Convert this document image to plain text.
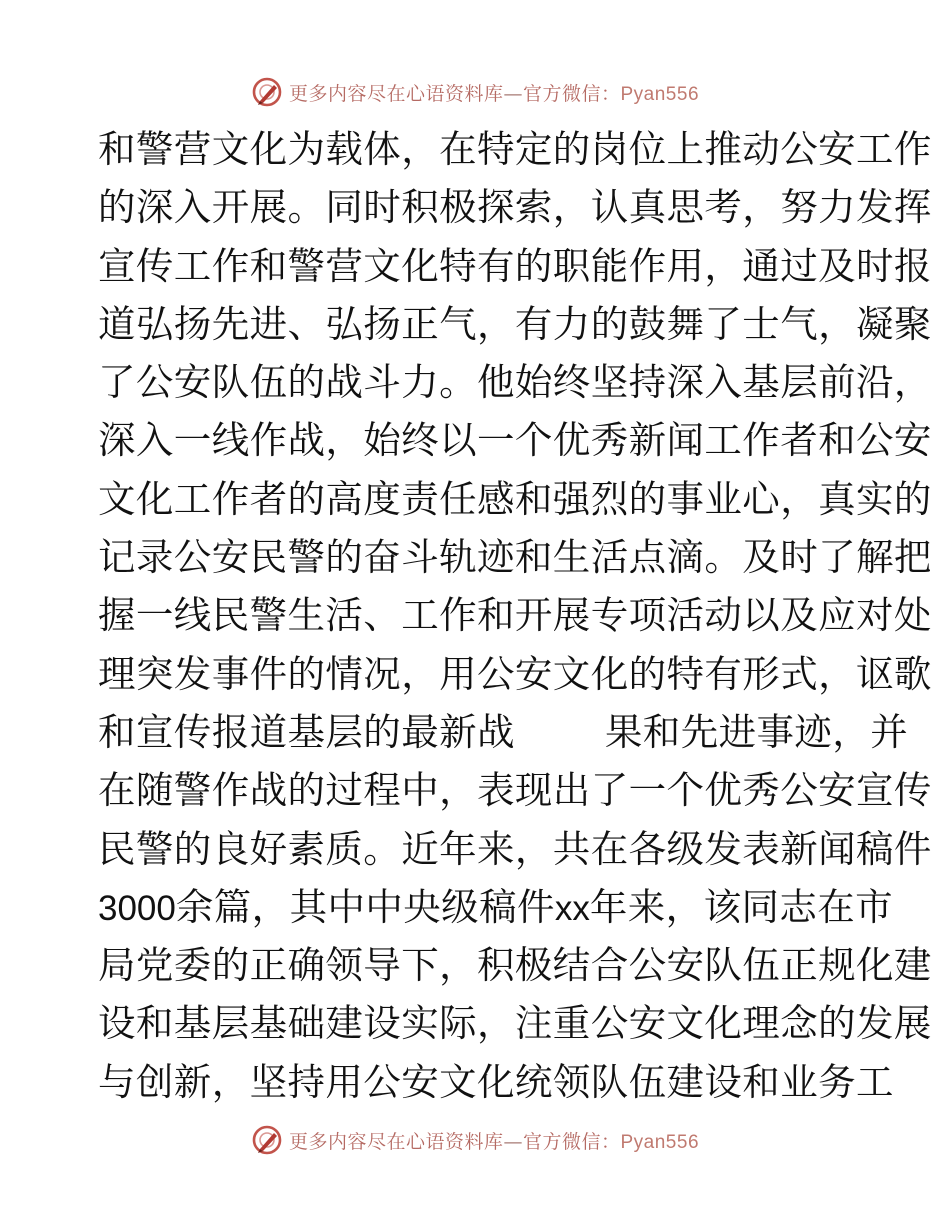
更多内容尽在心语资料库—官方微信：Pyan556
和警营文化为载体，在特定的岗位上推动公安工作
的深入开展。同时积极探索，认真思考，努力发挥
宣传工作和警营文化特有的职能作用，通过及时报
道弘扬先进、弘扬正气，有力的鼓舞了士气，凝聚
了公安队伍的战斗力。他始终坚持深入基层前沿，
深入一线作战，始终以一个优秀新闻工作者和公安
文化工作者的高度责任感和强烈的事业心，真实的
记录公安民警的奋斗轨迹和生活点滴。及时了解把
握一线民警生活、工作和开展专项活动以及应对处
理突发事件的情况，用公安文化的特有形式，讴歌
和宣传报道基层的最新战 果和先进事迹，并
在随警作战的过程中，表现出了一个优秀公安宣传
民警的良好素质。近年来，共在各级发表新闻稿件
3000余篇，其中中央级稿件xx年来，该同志在市
局党委的正确领导下，积极结合公安队伍正规化建
设和基层基础建设实际，注重公安文化理念的发展
与创新，坚持用公安文化统领队伍建设和业务工
更多内容尽在心语资料库—官方微信：Pyan556
